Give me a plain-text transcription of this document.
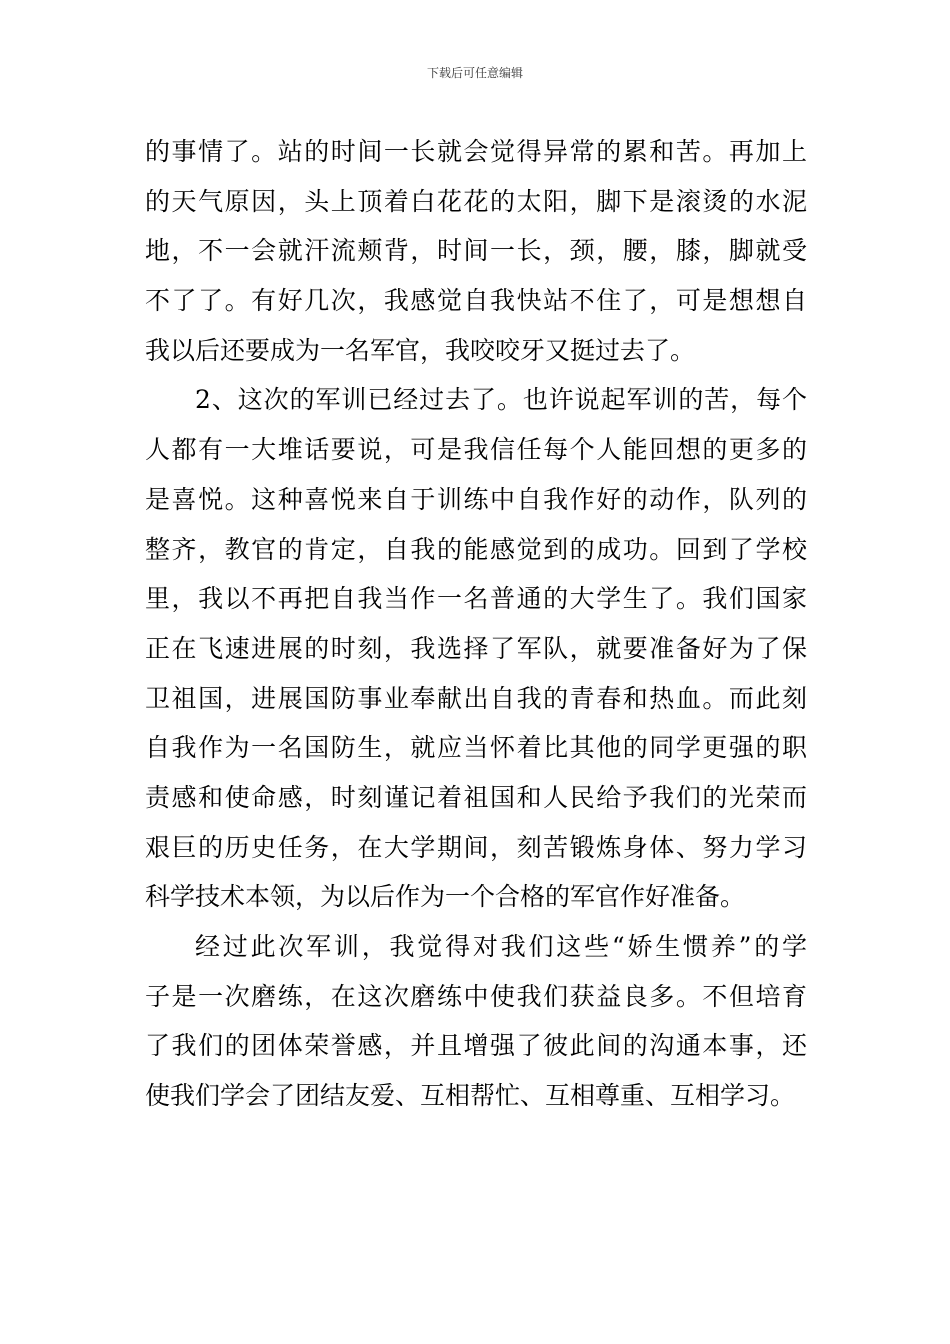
下载后可任意编辑
的事情了。站的时间一长就会觉得异常的累和苦。再加上
的天气原因，头上顶着白花花的太阳，脚下是滚烫的水泥
地，不一会就汗流颊背，时间一长，颈，腰，膝，脚就受
不了了。有好几次，我感觉自我快站不住了，可是想想自
我以后还要成为一名军官，我咬咬牙又挺过去了。
2、这次的军训已经过去了。也许说起军训的苦，每个
人都有一大堆话要说，可是我信任每个人能回想的更多的
是喜悦。这种喜悦来自于训练中自我作好的动作，队列的
整齐，教官的肯定，自我的能感觉到的成功。回到了学校
里，我以不再把自我当作一名普通的大学生了。我们国家
正在飞速进展的时刻，我选择了军队，就要准备好为了保
卫祖国，进展国防事业奉献出自我的青春和热血。而此刻
自我作为一名国防生，就应当怀着比其他的同学更强的职
责感和使命感，时刻谨记着祖国和人民给予我们的光荣而
艰巨的历史任务，在大学期间，刻苦锻炼身体、努力学习
科学技术本领，为以后作为一个合格的军官作好准备。
经过此次军训，我觉得对我们这些“娇生惯养”的学
子是一次磨练，在这次磨练中使我们获益良多。不但培育
了我们的团体荣誉感，并且增强了彼此间的沟通本事，还
使我们学会了团结友爱、互相帮忙、互相尊重、互相学习。
